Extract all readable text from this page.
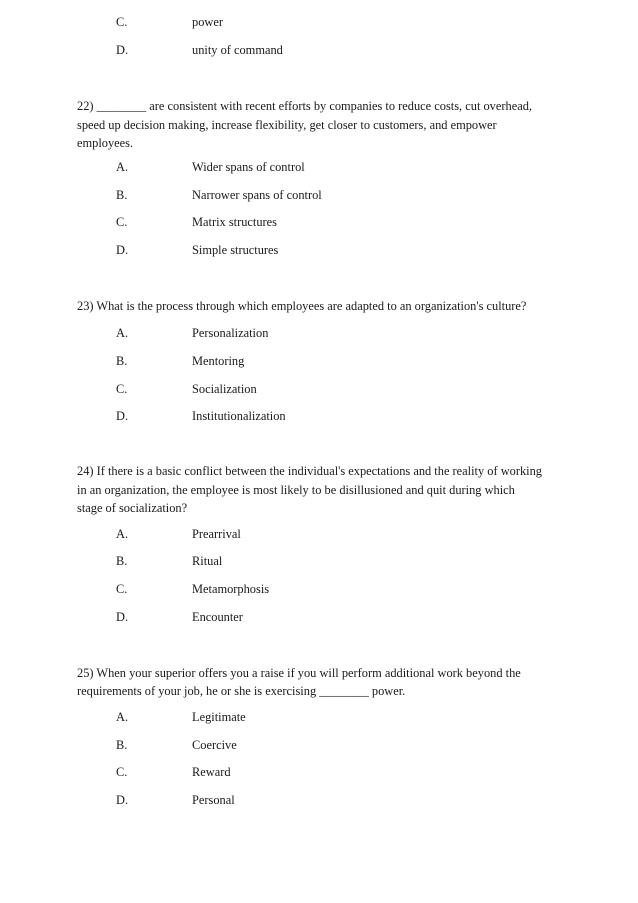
C.	power
D.	unity of command
22) ________ are consistent with recent efforts by companies to reduce costs, cut overhead,
speed up decision making, increase flexibility, get closer to customers, and empower
employees.
A.	Wider spans of control
B.	Narrower spans of control
C.	Matrix structures
D.	Simple structures
23) What is the process through which employees are adapted to an organization's culture?
A.	Personalization
B.	Mentoring
C.	Socialization
D.	Institutionalization
24) If there is a basic conflict between the individual's expectations and the reality of working
in an organization, the employee is most likely to be disillusioned and quit during which
stage of socialization?
A.	Prearrival
B.	Ritual
C.	Metamorphosis
D.	Encounter
25) When your superior offers you a raise if you will perform additional work beyond the
requirements of your job, he or she is exercising ________ power.
A.	Legitimate
B.	Coercive
C.	Reward
D.	Personal
